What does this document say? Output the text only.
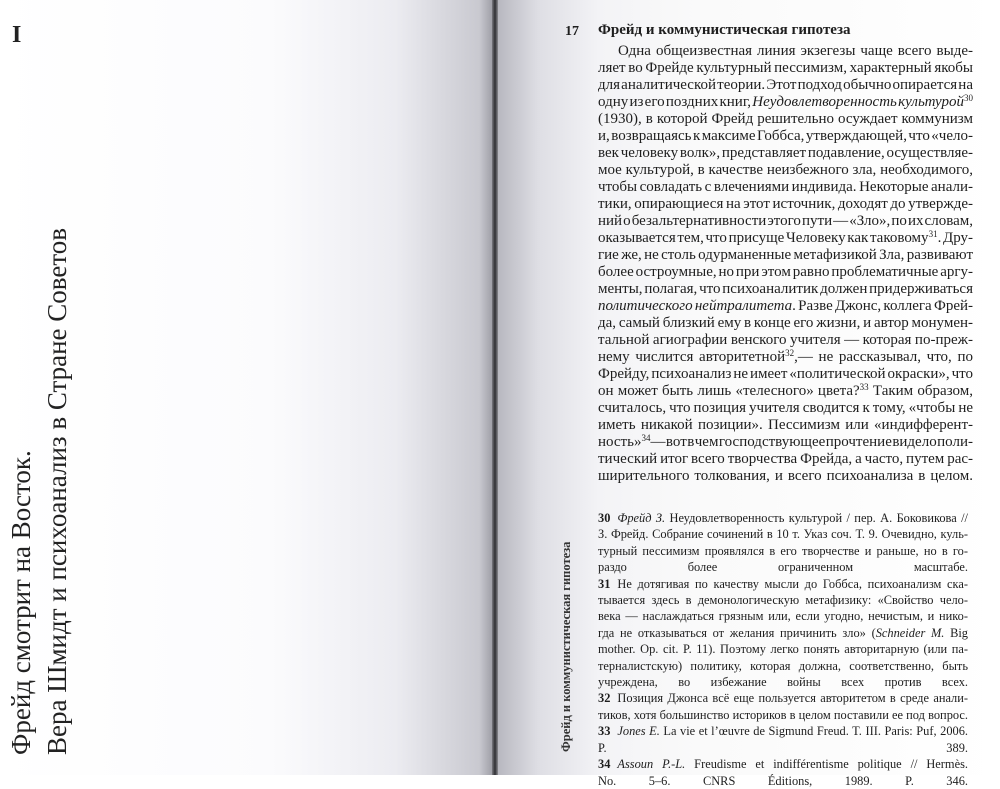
I
Фрейд смотрит на Восток. Вера Шмидт и психоанализ в Стране Советов
17 Фрейд и коммунистическая гипотеза
Одна общеизвестная линия экзегезы чаще всего выде-
ляет во Фрейде культурный пессимизм, характерный якобы
для аналитической теории. Этот подход обычно опирается на
одну из его поздних книг, Неудовлетворенность культурой$^{30}$
(1930), в которой Фрейд решительно осуждает коммунизм
и, возвращаясь к максиме Гоббса, утверждающей, что «чело-
век человеку волк», представляет подавление, осуществляе-
мое культурой, в качестве неизбежного зла, необходимого,
чтобы совладать с влечениями индивида. Некоторые анали-
тики, опирающиеся на этот источник, доходят до утвержде-
ний о безальтернативности этого пути — «Зло», по их словам,
оказывается тем, что присуще Человеку как таковому$^{31}$. Дру-
гие же, не столь одурманенные метафизикой Зла, развивают
более остроумные, но при этом равно проблематичные аргу-
менты, полагая, что психоаналитик должен придерживаться
политического нейтралитета. Разве Джонс, коллега Фрей-
да, самый близкий ему в конце его жизни, и автор монумен-
тальной агиографии венского учителя — которая по-преж-
нему числится авторитетной$^{32}$,— не рассказывал, что, по
Фрейду, психоанализ не имеет «политической окраски», что
он может быть лишь «телесного» цвета?$^{33}$ Таким образом,
считалось, что позиция учителя сводится к тому, «чтобы не
иметь никакой позиции». Пессимизм или «индифферент-
ность»$^{34}$— вот в чем господствующее прочтение видело поли-
тический итог всего творчества Фрейда, а часто, путем рас-
ширительного толкования, и всего психоанализа в целом.
Фрейд и коммунистическая гипотеза
30 Фрейд З. Неудовлетворенность культурой / пер. А. Боковикова //
З. Фрейд. Собрание сочинений в 10 т. Указ соч. Т. 9. Очевидно, куль-
турный пессимизм проявлялся в его творчестве и раньше, но в го-
раздо более ограниченном масштабе.
31 Не дотягивая по качеству мысли до Гоббса, психоанализм ска-
тывается здесь в демонологическую метафизику: «Свойство чело-
века — наслаждаться грязным или, если угодно, нечистым, и нико-
гда не отказываться от желания причинить зло» (Schneider M. Big
mother. Op. cit. P. 11). Поэтому легко понять авторитарную (или па-
терналистскую) политику, которая должна, соответственно, быть
учреждена, во избежание войны всех против всех.
32 Позиция Джонса всё еще пользуется авторитетом в среде анали-
тиков, хотя большинство историков в целом поставили ее под вопрос.
33 Jones E. La vie et l’œuvre de Sigmund Freud. T. III. Paris: Puf, 2006.
P. 389.
34 Assoun P.-L. Freudisme et indifférentisme politique // Hermès.
No. 5–6. CNRS Éditions, 1989. P. 346.
